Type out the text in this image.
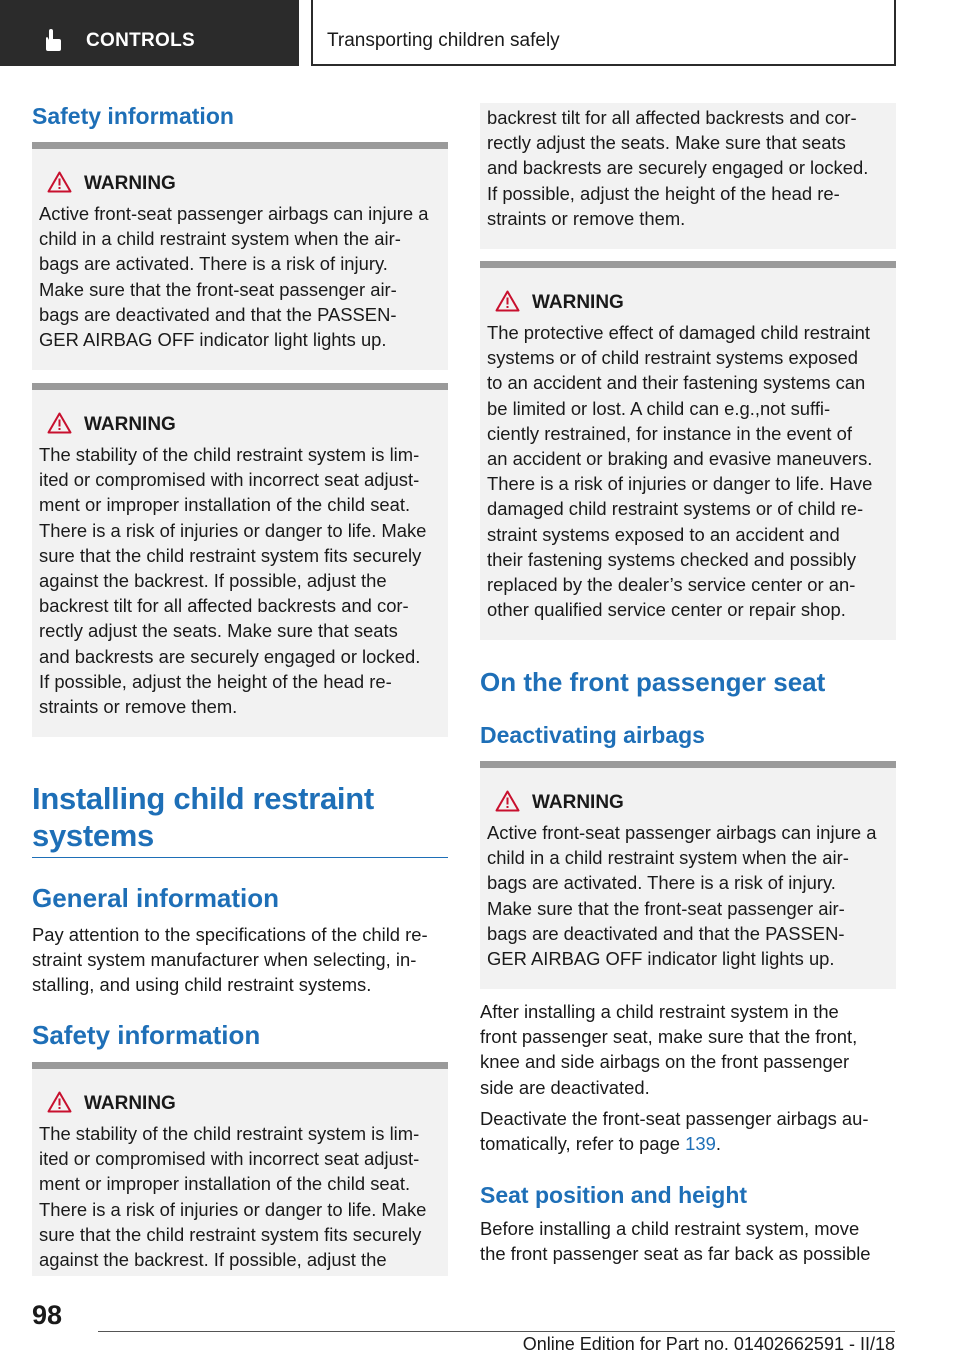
CONTROLS	Transporting children safely
Safety information
WARNING
Active front-seat passenger airbags can injure a
child in a child restraint system when the air-
bags are activated. There is a risk of injury.
Make sure that the front-seat passenger air-
bags are deactivated and that the PASSEN-
GER AIRBAG OFF indicator light lights up.
WARNING
The stability of the child restraint system is lim-
ited or compromised with incorrect seat adjust-
ment or improper installation of the child seat.
There is a risk of injuries or danger to life. Make
sure that the child restraint system fits securely
against the backrest. If possible, adjust the
backrest tilt for all affected backrests and cor-
rectly adjust the seats. Make sure that seats
and backrests are securely engaged or locked.
If possible, adjust the height of the head re-
straints or remove them.
Installing child restraint
systems
General information
Pay attention to the specifications of the child re-
straint system manufacturer when selecting, in-
stalling, and using child restraint systems.
Safety information
WARNING
The stability of the child restraint system is lim-
ited or compromised with incorrect seat adjust-
ment or improper installation of the child seat.
There is a risk of injuries or danger to life. Make
sure that the child restraint system fits securely
against the backrest. If possible, adjust the
backrest tilt for all affected backrests and cor-
rectly adjust the seats. Make sure that seats
and backrests are securely engaged or locked.
If possible, adjust the height of the head re-
straints or remove them.
WARNING
The protective effect of damaged child restraint
systems or of child restraint systems exposed
to an accident and their fastening systems can
be limited or lost. A child can e.g.,not suffi-
ciently restrained, for instance in the event of
an accident or braking and evasive maneuvers.
There is a risk of injuries or danger to life. Have
damaged child restraint systems or of child re-
straint systems exposed to an accident and
their fastening systems checked and possibly
replaced by the dealer’s service center or an-
other qualified service center or repair shop.
On the front passenger seat
Deactivating airbags
WARNING
Active front-seat passenger airbags can injure a
child in a child restraint system when the air-
bags are activated. There is a risk of injury.
Make sure that the front-seat passenger air-
bags are deactivated and that the PASSEN-
GER AIRBAG OFF indicator light lights up.
After installing a child restraint system in the
front passenger seat, make sure that the front,
knee and side airbags on the front passenger
side are deactivated.
Deactivate the front-seat passenger airbags au-
tomatically, refer to page 139.
Seat position and height
Before installing a child restraint system, move
the front passenger seat as far back as possible
98
Online Edition for Part no. 01402662591 - II/18
